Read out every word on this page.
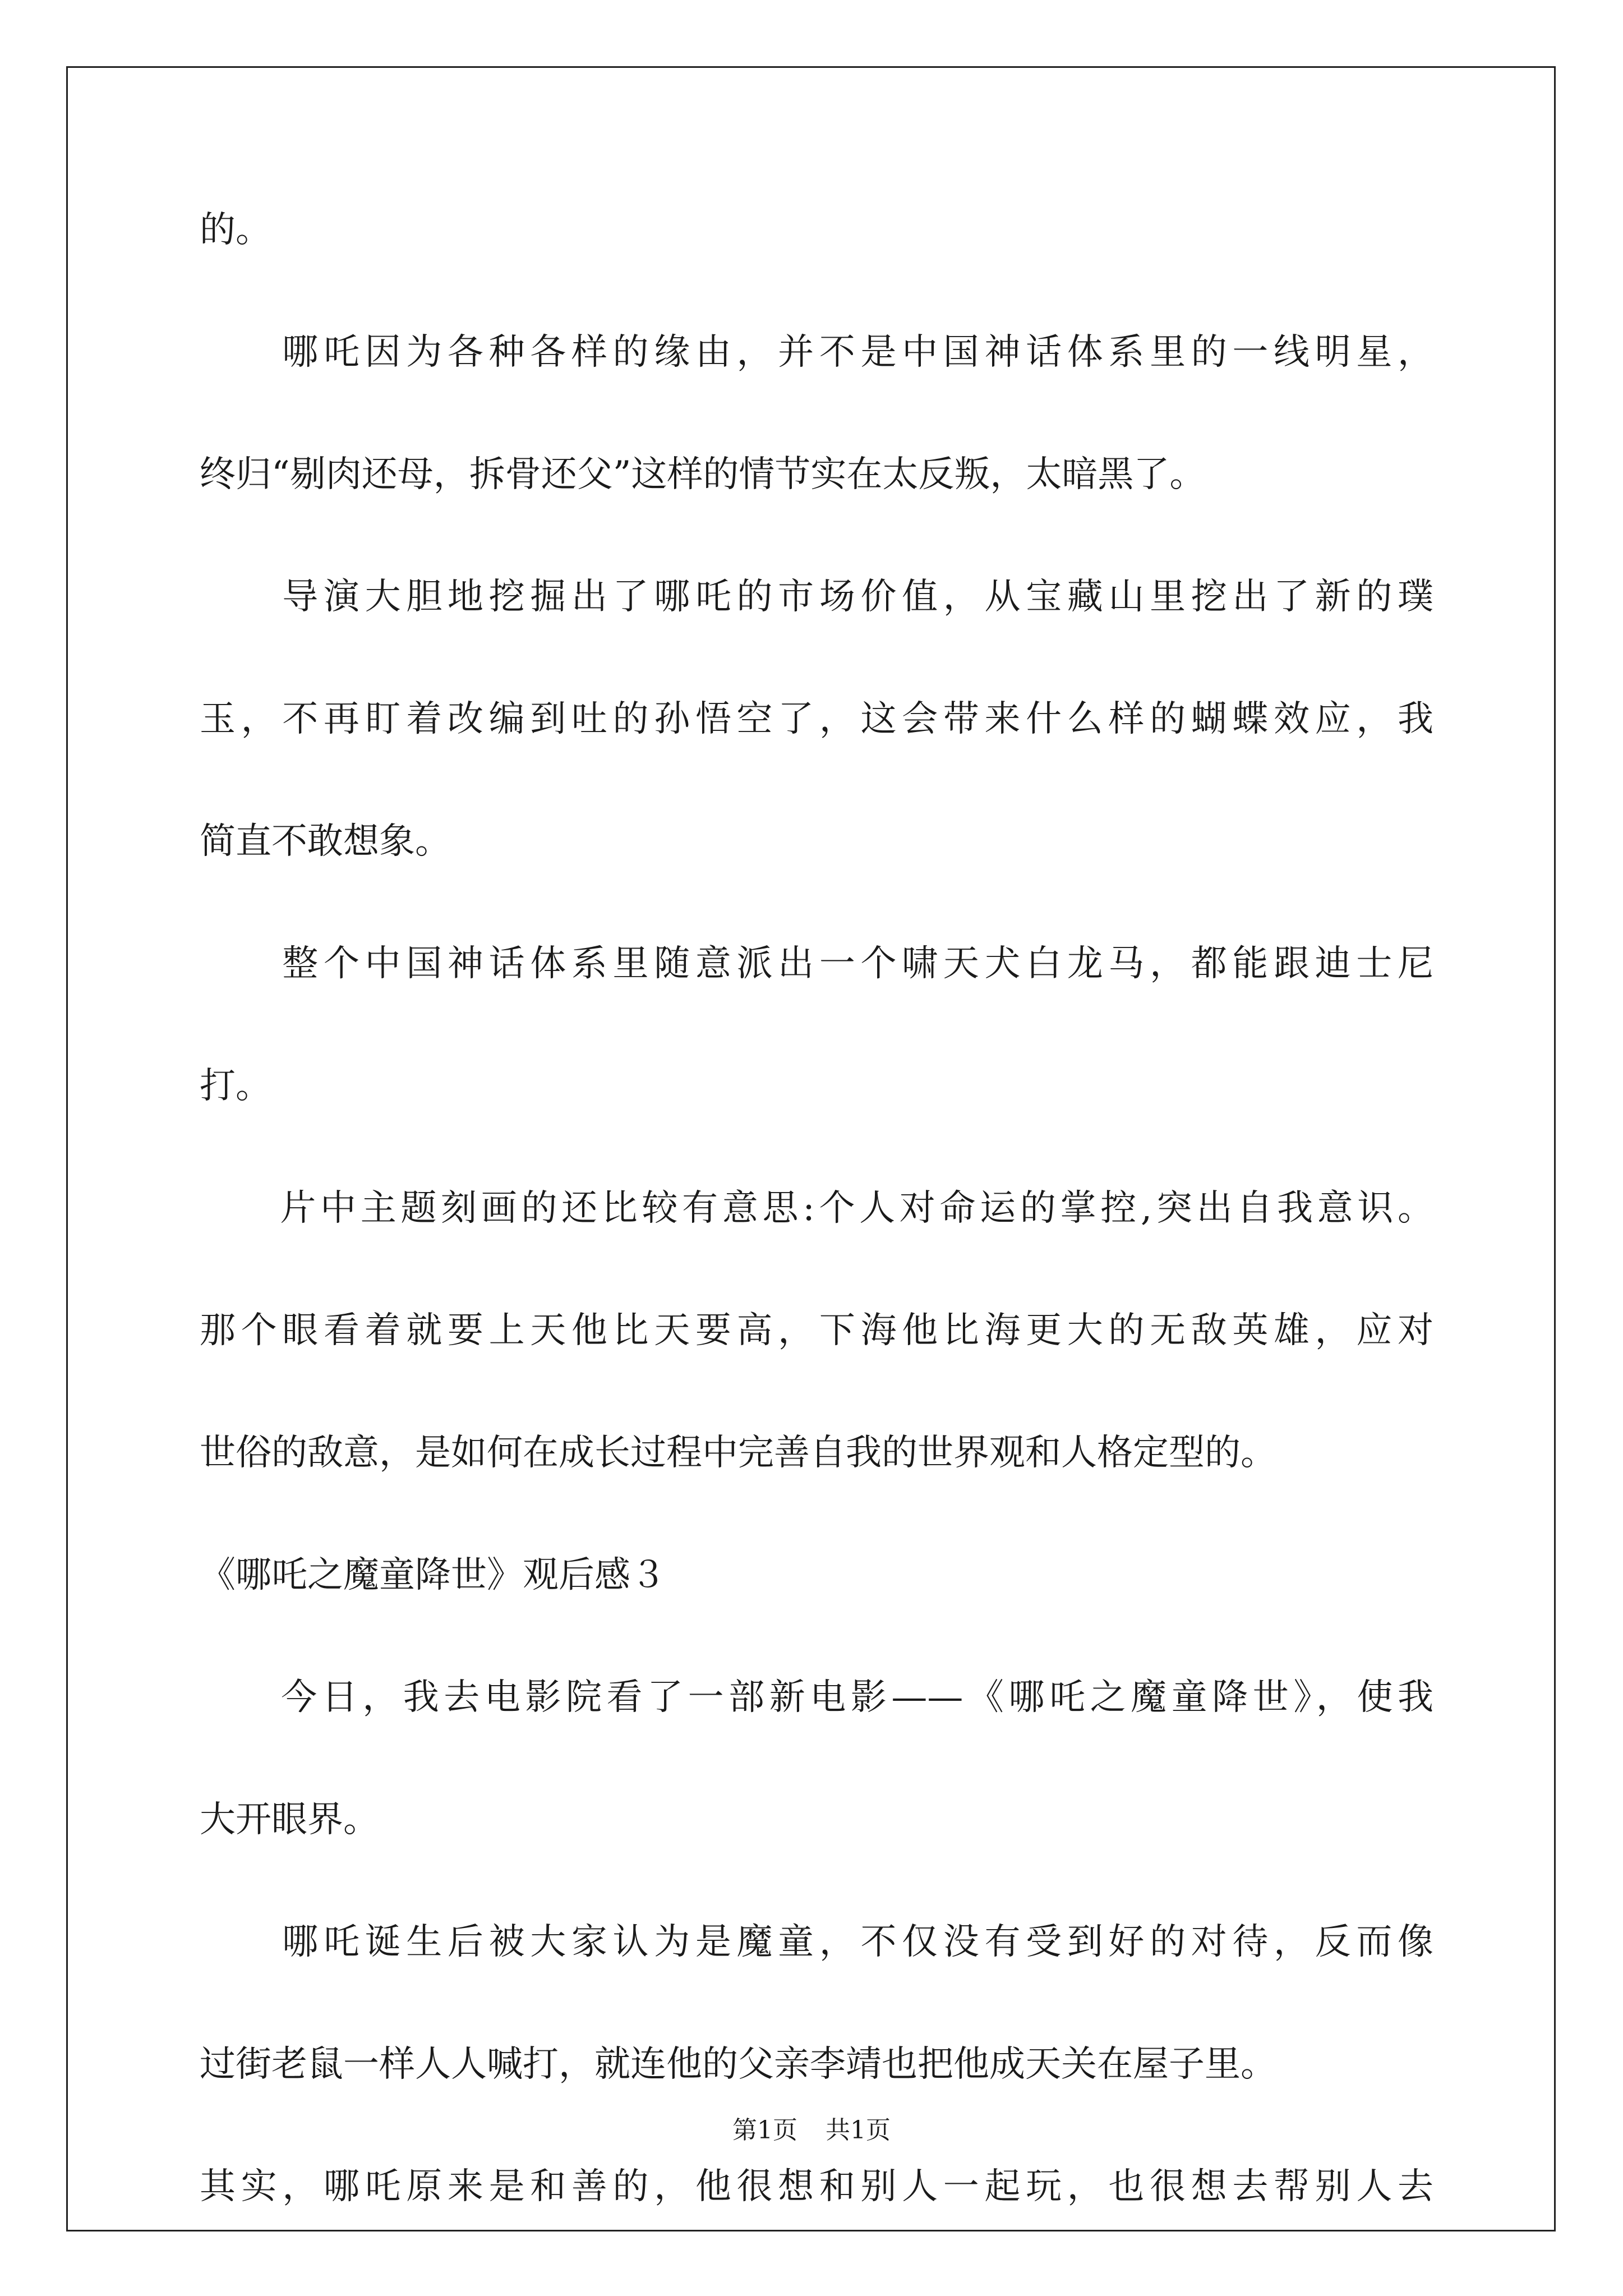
的。
　　哪吒因为各种各样的缘由，并不是中国神话体系里的一线明星，
终归“剔肉还母，拆骨还父”这样的情节实在太反叛，太暗黑了。
　　导演大胆地挖掘出了哪吒的市场价值，从宝藏山里挖出了新的璞
玉，不再盯着改编到吐的孙悟空了，这会带来什么样的蝴蝶效应，我
简直不敢想象。
　　整个中国神话体系里随意派出一个啸天犬白龙马，都能跟迪士尼
打。
　　片中主题刻画的还比较有意思:个人对命运的掌控,突出自我意识。
那个眼看着就要上天他比天要高，下海他比海更大的无敌英雄，应对
世俗的敌意，是如何在成长过程中完善自我的世界观和人格定型的。
《哪吒之魔童降世》观后感３
　　今日，我去电影院看了一部新电影——《哪吒之魔童降世》，使我
大开眼界。
　　哪吒诞生后被大家认为是魔童，不仅没有受到好的对待，反而像
过街老鼠一样人人喊打，就连他的父亲李靖也把他成天关在屋子里。
其实，哪吒原来是和善的，他很想和别人一起玩，也很想去帮别人去
第1页 共1页
